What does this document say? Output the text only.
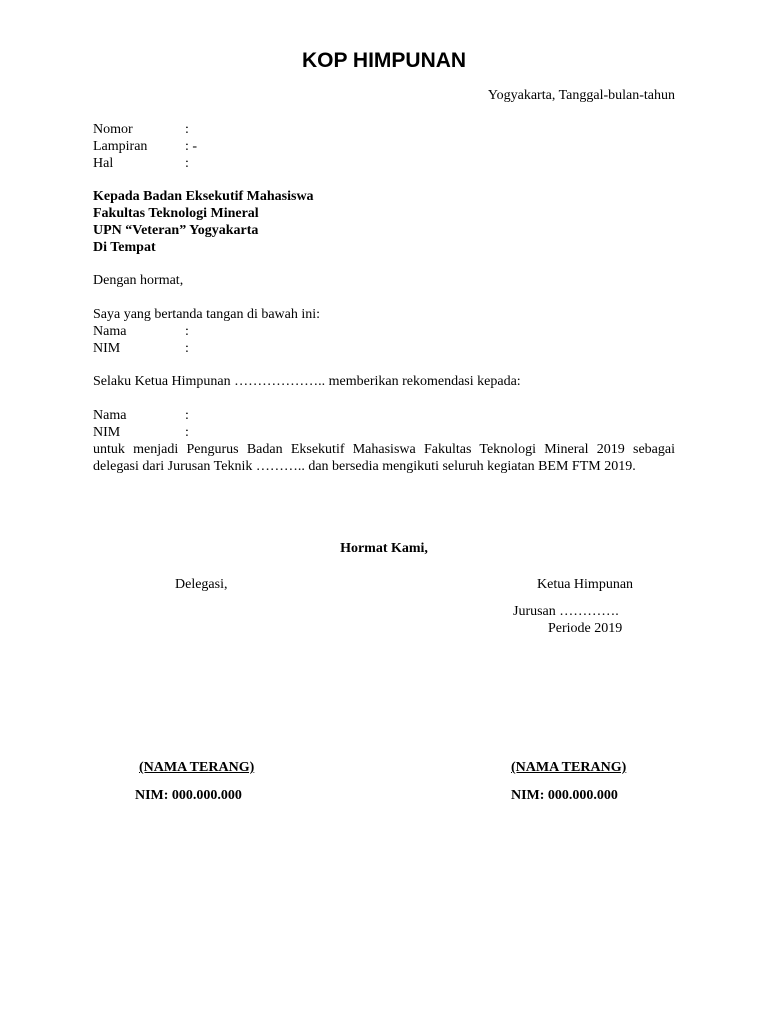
KOP HIMPUNAN
Yogyakarta, Tanggal-bulan-tahun
Nomor	:
Lampiran	: -
Hal	:
Kepada Badan Eksekutif Mahasiswa
Fakultas Teknologi Mineral
UPN “Veteran” Yogyakarta
Di Tempat
Dengan hormat,
Saya yang bertanda tangan di bawah ini:
Nama	:
NIM	:
Selaku Ketua Himpunan ……………….. memberikan rekomendasi kepada:
Nama	:
NIM	:
untuk menjadi Pengurus Badan Eksekutif Mahasiswa Fakultas Teknologi Mineral 2019 sebagai delegasi dari Jurusan Teknik ……….. dan bersedia mengikuti seluruh kegiatan BEM FTM 2019.
Hormat Kami,
Delegasi,	Ketua Himpunan
Jurusan ………….
Periode 2019
(NAMA TERANG)	(NAMA TERANG)
NIM: 000.000.000	NIM: 000.000.000
